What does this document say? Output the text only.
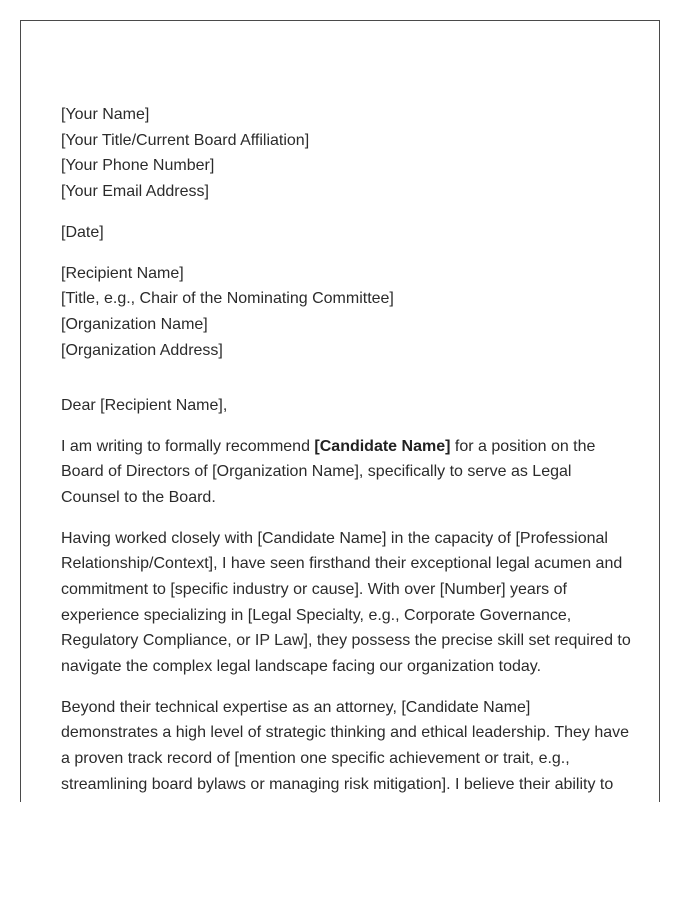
[Your Name]
[Your Title/Current Board Affiliation]
[Your Phone Number]
[Your Email Address]
[Date]
[Recipient Name]
[Title, e.g., Chair of the Nominating Committee]
[Organization Name]
[Organization Address]
Dear [Recipient Name],

I am writing to formally recommend [Candidate Name] for a position on the Board of Directors of [Organization Name], specifically to serve as Legal Counsel to the Board.

Having worked closely with [Candidate Name] in the capacity of [Professional Relationship/Context], I have seen firsthand their exceptional legal acumen and commitment to [specific industry or cause]. With over [Number] years of experience specializing in [Legal Specialty, e.g., Corporate Governance, Regulatory Compliance, or IP Law], they possess the precise skill set required to navigate the complex legal landscape facing our organization today.

Beyond their technical expertise as an attorney, [Candidate Name] demonstrates a high level of strategic thinking and ethical leadership. They have a proven track record of [mention one specific achievement or trait, e.g., streamlining board bylaws or managing risk mitigation]. I believe their ability to
